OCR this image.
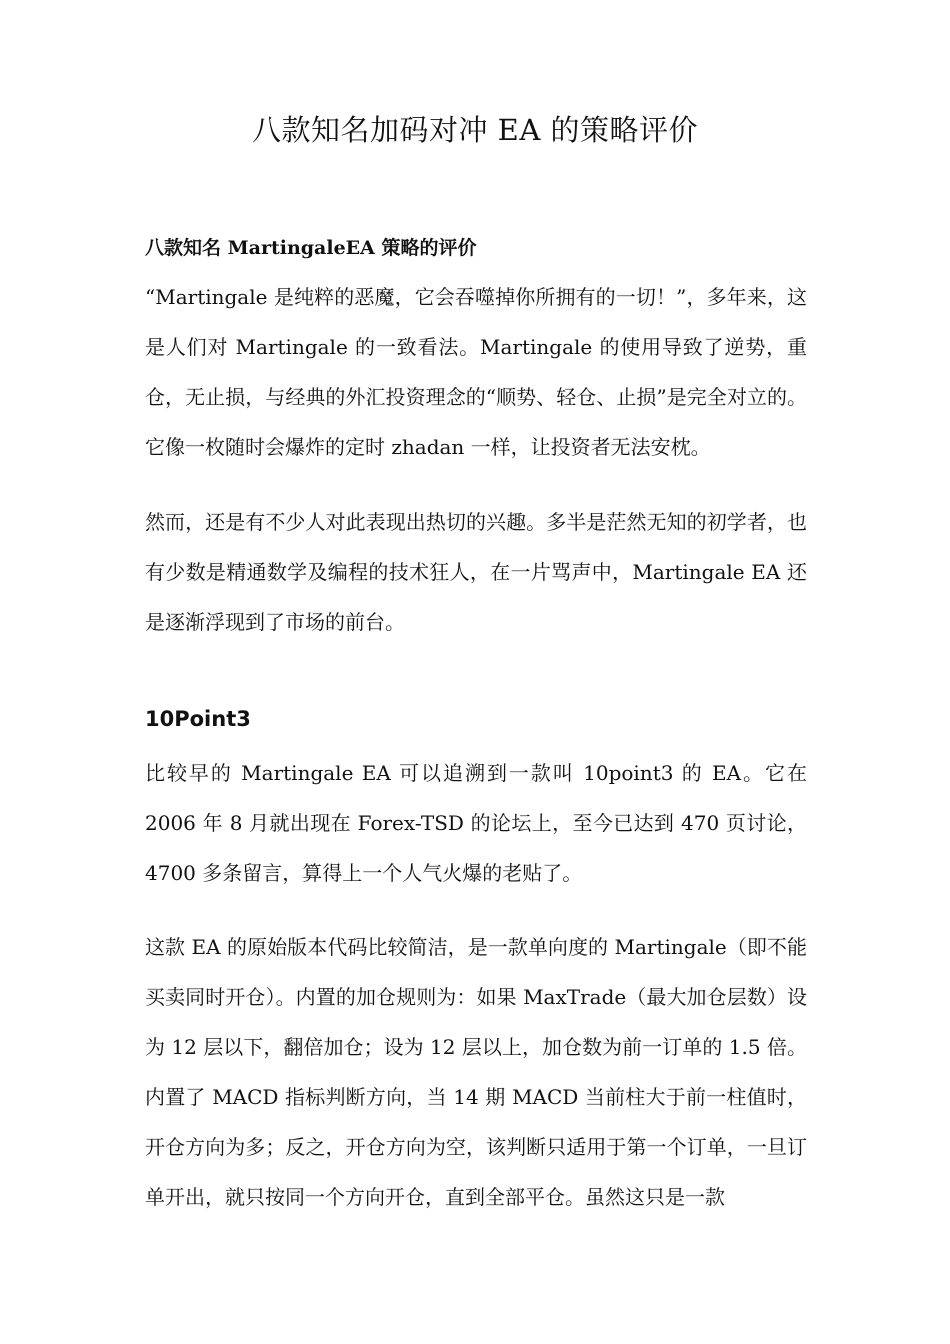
八款知名加码对冲 EA 的策略评价
八款知名 MartingaleEA 策略的评价

“Martingale 是纯粹的恶魔，它会吞噬掉你所拥有的一切！”，多年来，这是人们对 Martingale 的一致看法。Martingale 的使用导致了逆势，重仓，无止损，与经典的外汇投资理念的“顺势、轻仓、止损”是完全对立的。它像一枚随时会爆炸的定时 zhadan 一样，让投资者无法安枕。

然而，还是有不少人对此表现出热切的兴趣。多半是茫然无知的初学者，也有少数是精通数学及编程的技术狂人，在一片骂声中，Martingale EA 还是逐渐浮现到了市场的前台。

10Point3

比较早的 Martingale EA 可以追溯到一款叫 10point3 的 EA。它在 2006 年 8 月就出现在 Forex-TSD 的论坛上，至今已达到 470 页讨论，4700 多条留言，算得上一个人气火爆的老贴了。

这款 EA 的原始版本代码比较简洁，是一款单向度的 Martingale（即不能买卖同时开仓）。内置的加仓规则为：如果 MaxTrade（最大加仓层数）设为 12 层以下，翻倍加仓；设为 12 层以上，加仓数为前一订单的 1.5 倍。内置了 MACD 指标判断方向，当 14 期 MACD 当前柱大于前一柱值时，开仓方向为多；反之，开仓方向为空，该判断只适用于第一个订单，一旦订单开出，就只按同一个方向开仓，直到全部平仓。虽然这只是一款
